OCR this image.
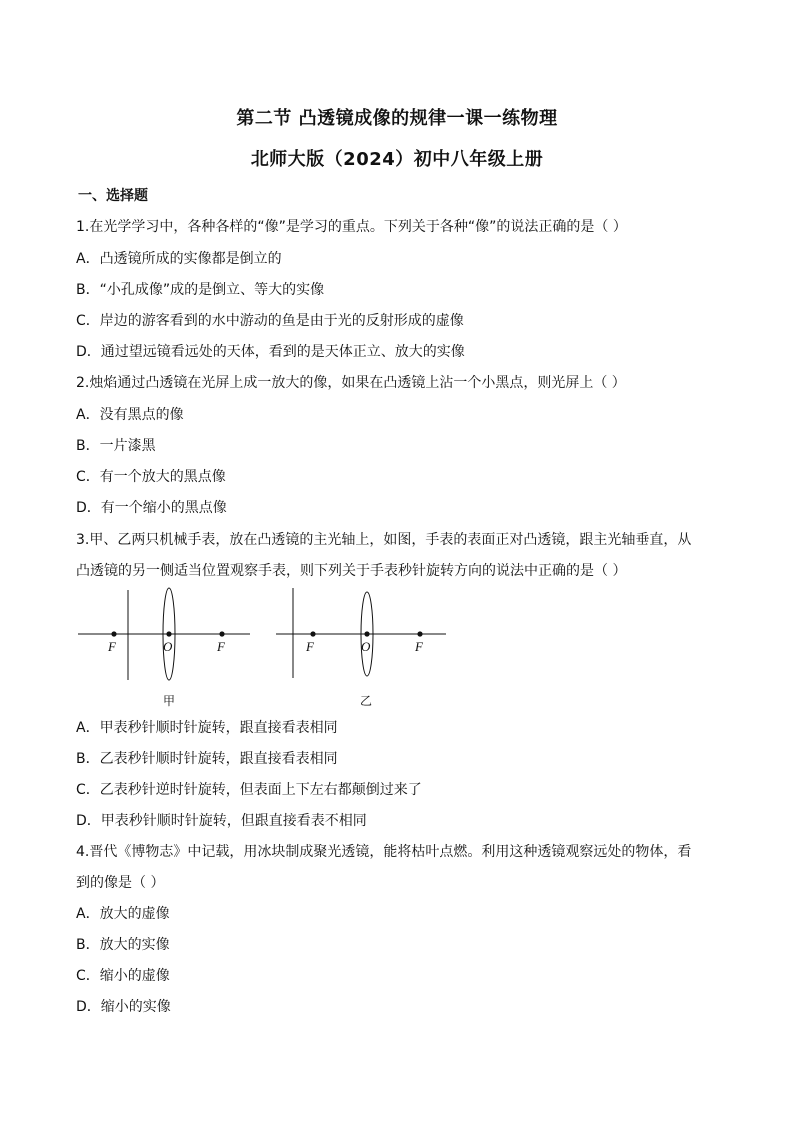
第二节 凸透镜成像的规律一课一练物理
北师大版（2024）初中八年级上册
一、选择题
1.在光学学习中，各种各样的“像”是学习的重点。下列关于各种“像”的说法正确的是（ ）
A．凸透镜所成的实像都是倒立的
B．“小孔成像”成的是倒立、等大的实像
C．岸边的游客看到的水中游动的鱼是由于光的反射形成的虚像
D．通过望远镜看远处的天体，看到的是天体正立、放大的实像
2.烛焰通过凸透镜在光屏上成一放大的像，如果在凸透镜上沾一个小黑点，则光屏上（ ）
A．没有黑点的像
B．一片漆黑
C．有一个放大的黑点像
D．有一个缩小的黑点像
3.甲、乙两只机械手表，放在凸透镜的主光轴上，如图，手表的表面正对凸透镜，跟主光轴垂直，从
凸透镜的另一侧适当位置观察手表，则下列关于手表秒针旋转方向的说法中正确的是（ ）
F	O	F
甲
F	O	F
乙
A．甲表秒针顺时针旋转，跟直接看表相同
B．乙表秒针顺时针旋转，跟直接看表相同
C．乙表秒针逆时针旋转，但表面上下左右都颠倒过来了
D．甲表秒针顺时针旋转，但跟直接看表不相同
4.晋代《博物志》中记载，用冰块制成聚光透镜，能将枯叶点燃。利用这种透镜观察远处的物体，看
到的像是（ ）
A．放大的虚像
B．放大的实像
C．缩小的虚像
D．缩小的实像
